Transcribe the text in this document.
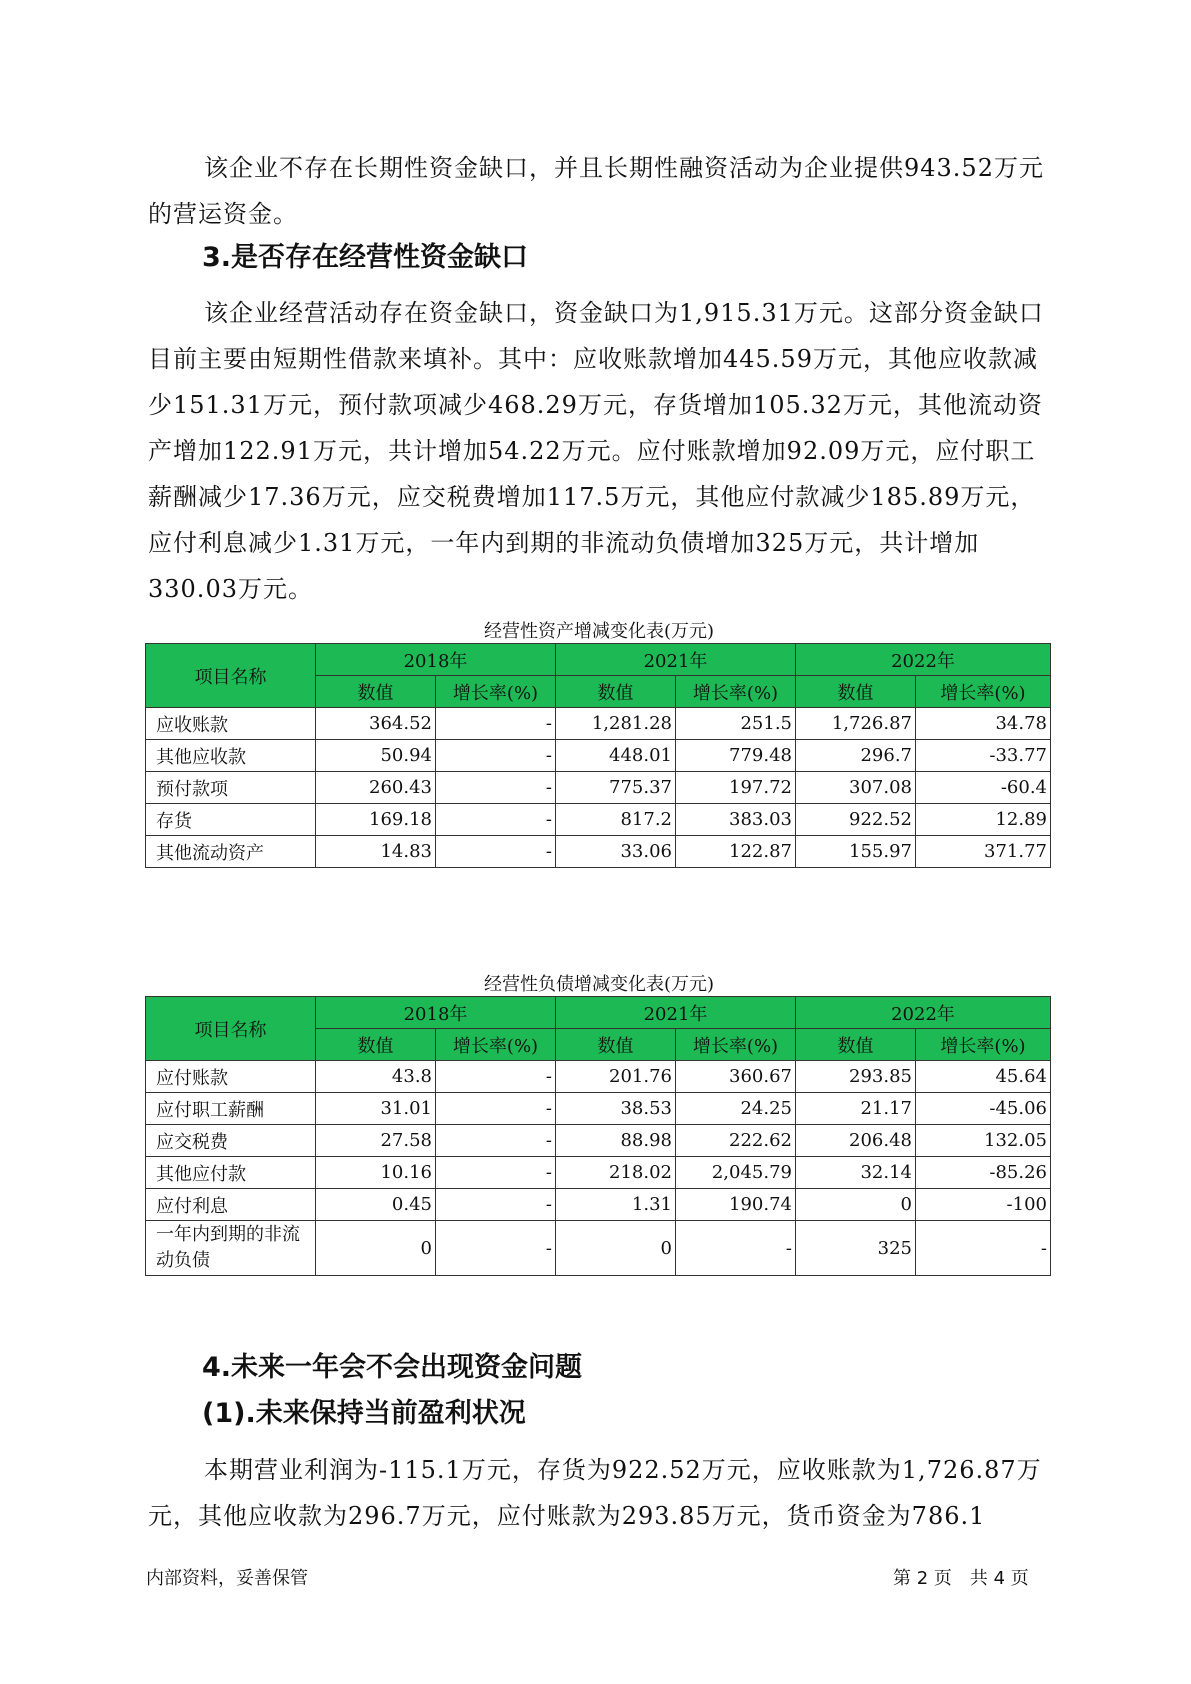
该企业不存在长期性资金缺口，并且长期性融资活动为企业提供943.52万元的营运资金。
3.是否存在经营性资金缺口
该企业经营活动存在资金缺口，资金缺口为1,915.31万元。这部分资金缺口目前主要由短期性借款来填补。其中：应收账款增加445.59万元，其他应收款减少151.31万元，预付款项减少468.29万元，存货增加105.32万元，其他流动资产增加122.91万元，共计增加54.22万元。应付账款增加92.09万元，应付职工薪酬减少17.36万元，应交税费增加117.5万元，其他应付款减少185.89万元，应付利息减少1.31万元，一年内到期的非流动负债增加325万元，共计增加330.03万元。
经营性资产增减变化表(万元)
项目名称	2018年		2021年		2022年	
	数值	增长率(%)	数值	增长率(%)	数值	增长率(%)
应收账款	364.52	-	1,281.28	251.5	1,726.87	34.78
其他应收款	50.94	-	448.01	779.48	296.7	-33.77
预付款项	260.43	-	775.37	197.72	307.08	-60.4
存货	169.18	-	817.2	383.03	922.52	12.89
其他流动资产	14.83	-	33.06	122.87	155.97	371.77
经营性负债增减变化表(万元)
项目名称	2018年		2021年		2022年	
	数值	增长率(%)	数值	增长率(%)	数值	增长率(%)
应付账款	43.8	-	201.76	360.67	293.85	45.64
应付职工薪酬	31.01	-	38.53	24.25	21.17	-45.06
应交税费	27.58	-	88.98	222.62	206.48	132.05
其他应付款	10.16	-	218.02	2,045.79	32.14	-85.26
应付利息	0.45	-	1.31	190.74	0	-100
一年内到期的非流动负债	0	-	0	-	325	-
4.未来一年会不会出现资金问题
(1).未来保持当前盈利状况
本期营业利润为-115.1万元，存货为922.52万元，应收账款为1,726.87万元，其他应收款为296.7万元，应付账款为293.85万元，货币资金为786.1
内部资料，妥善保管	第 2 页　共 4 页
